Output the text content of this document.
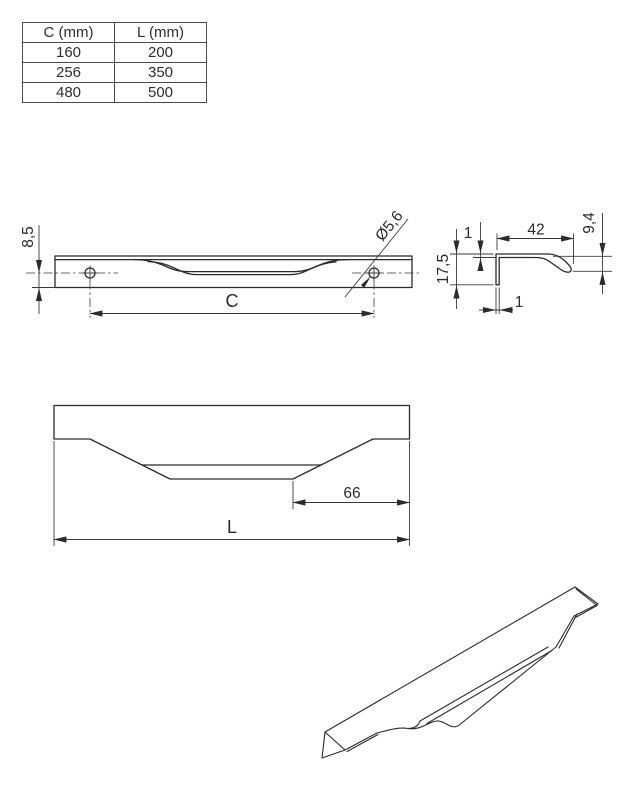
C (mm)	L (mm)
160	200
256	350
480	500
8,5
C
Ø5,6
17,5
1	42 9,4
1
66
L
